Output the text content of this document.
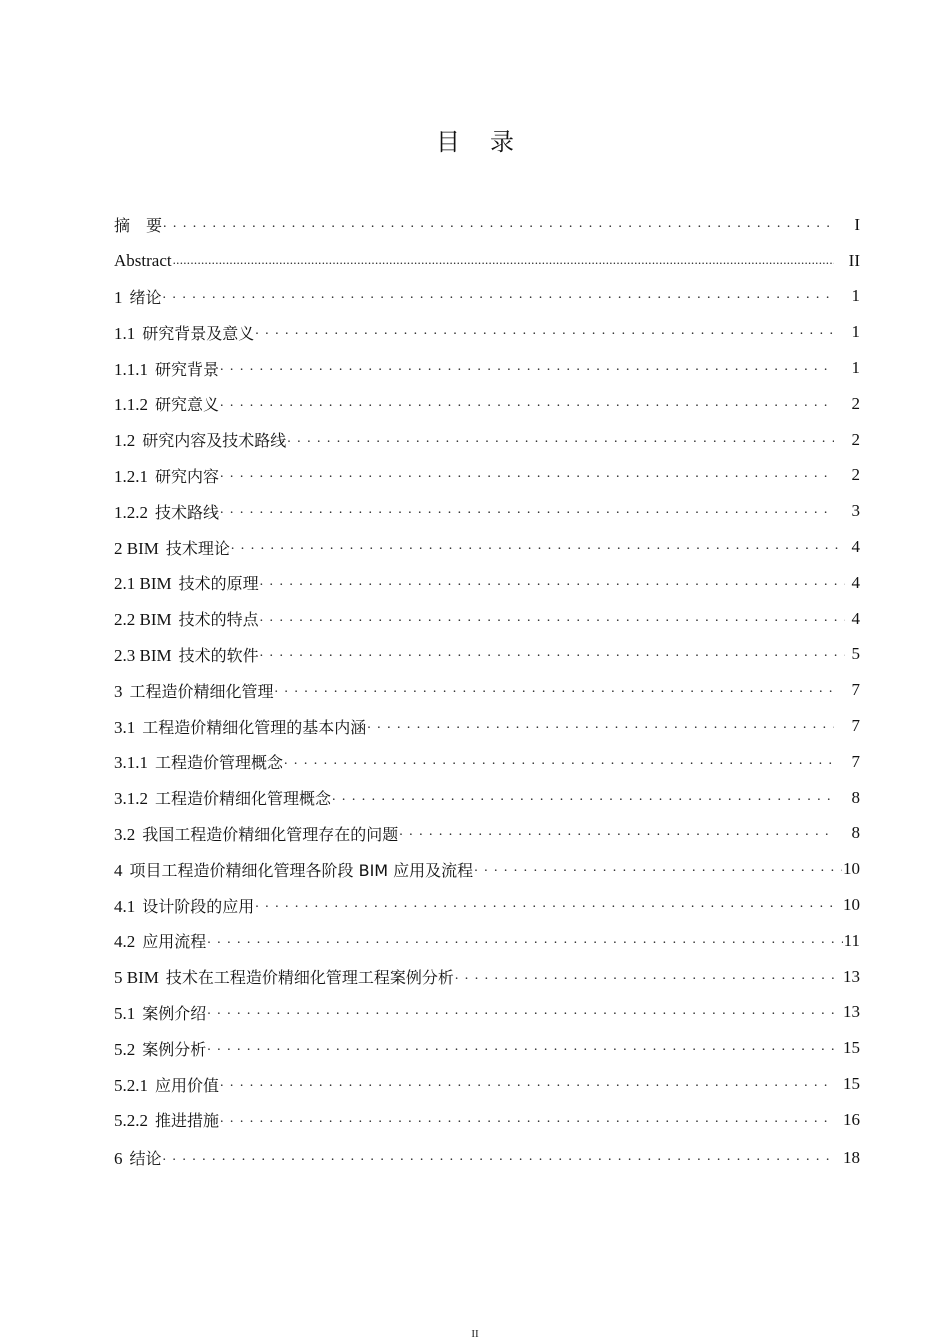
目 录
摘　要 . . .	I
Abstract .....	II
1 绪论 . . .	1
1.1 研究背景及意义 . . .	1
1.1.1 研究背景 . . .	1
1.1.2 研究意义 . . .	2
1.2 研究内容及技术路线 . . .	2
1.2.1 研究内容 . . .	2
1.2.2 技术路线 . . .	3
2 BIM 技术理论 . . .	4
2.1 BIM 技术的原理 . . .	4
2.2 BIM 技术的特点 . . .	4
2.3 BIM 技术的软件 . . .	5
3 工程造价精细化管理 . . .	7
3.1 工程造价精细化管理的基本内涵 . . .	7
3.1.1 工程造价管理概念 . . .	7
3.1.2 工程造价精细化管理概念 . . .	8
3.2 我国工程造价精细化管理存在的问题 . . .	8
4 项目工程造价精细化管理各阶段 BIM 应用及流程 . . .	10
4.1 设计阶段的应用 . . .	10
4.2 应用流程 . . .	11
5 BIM 技术在工程造价精细化管理工程案例分析 . . .	13
5.1 案例介绍 . . .	13
5.2 案例分析 . . .	15
5.2.1 应用价值 . . .	15
5.2.2 推进措施 . . .	16
6 结论 . . .	18
II
